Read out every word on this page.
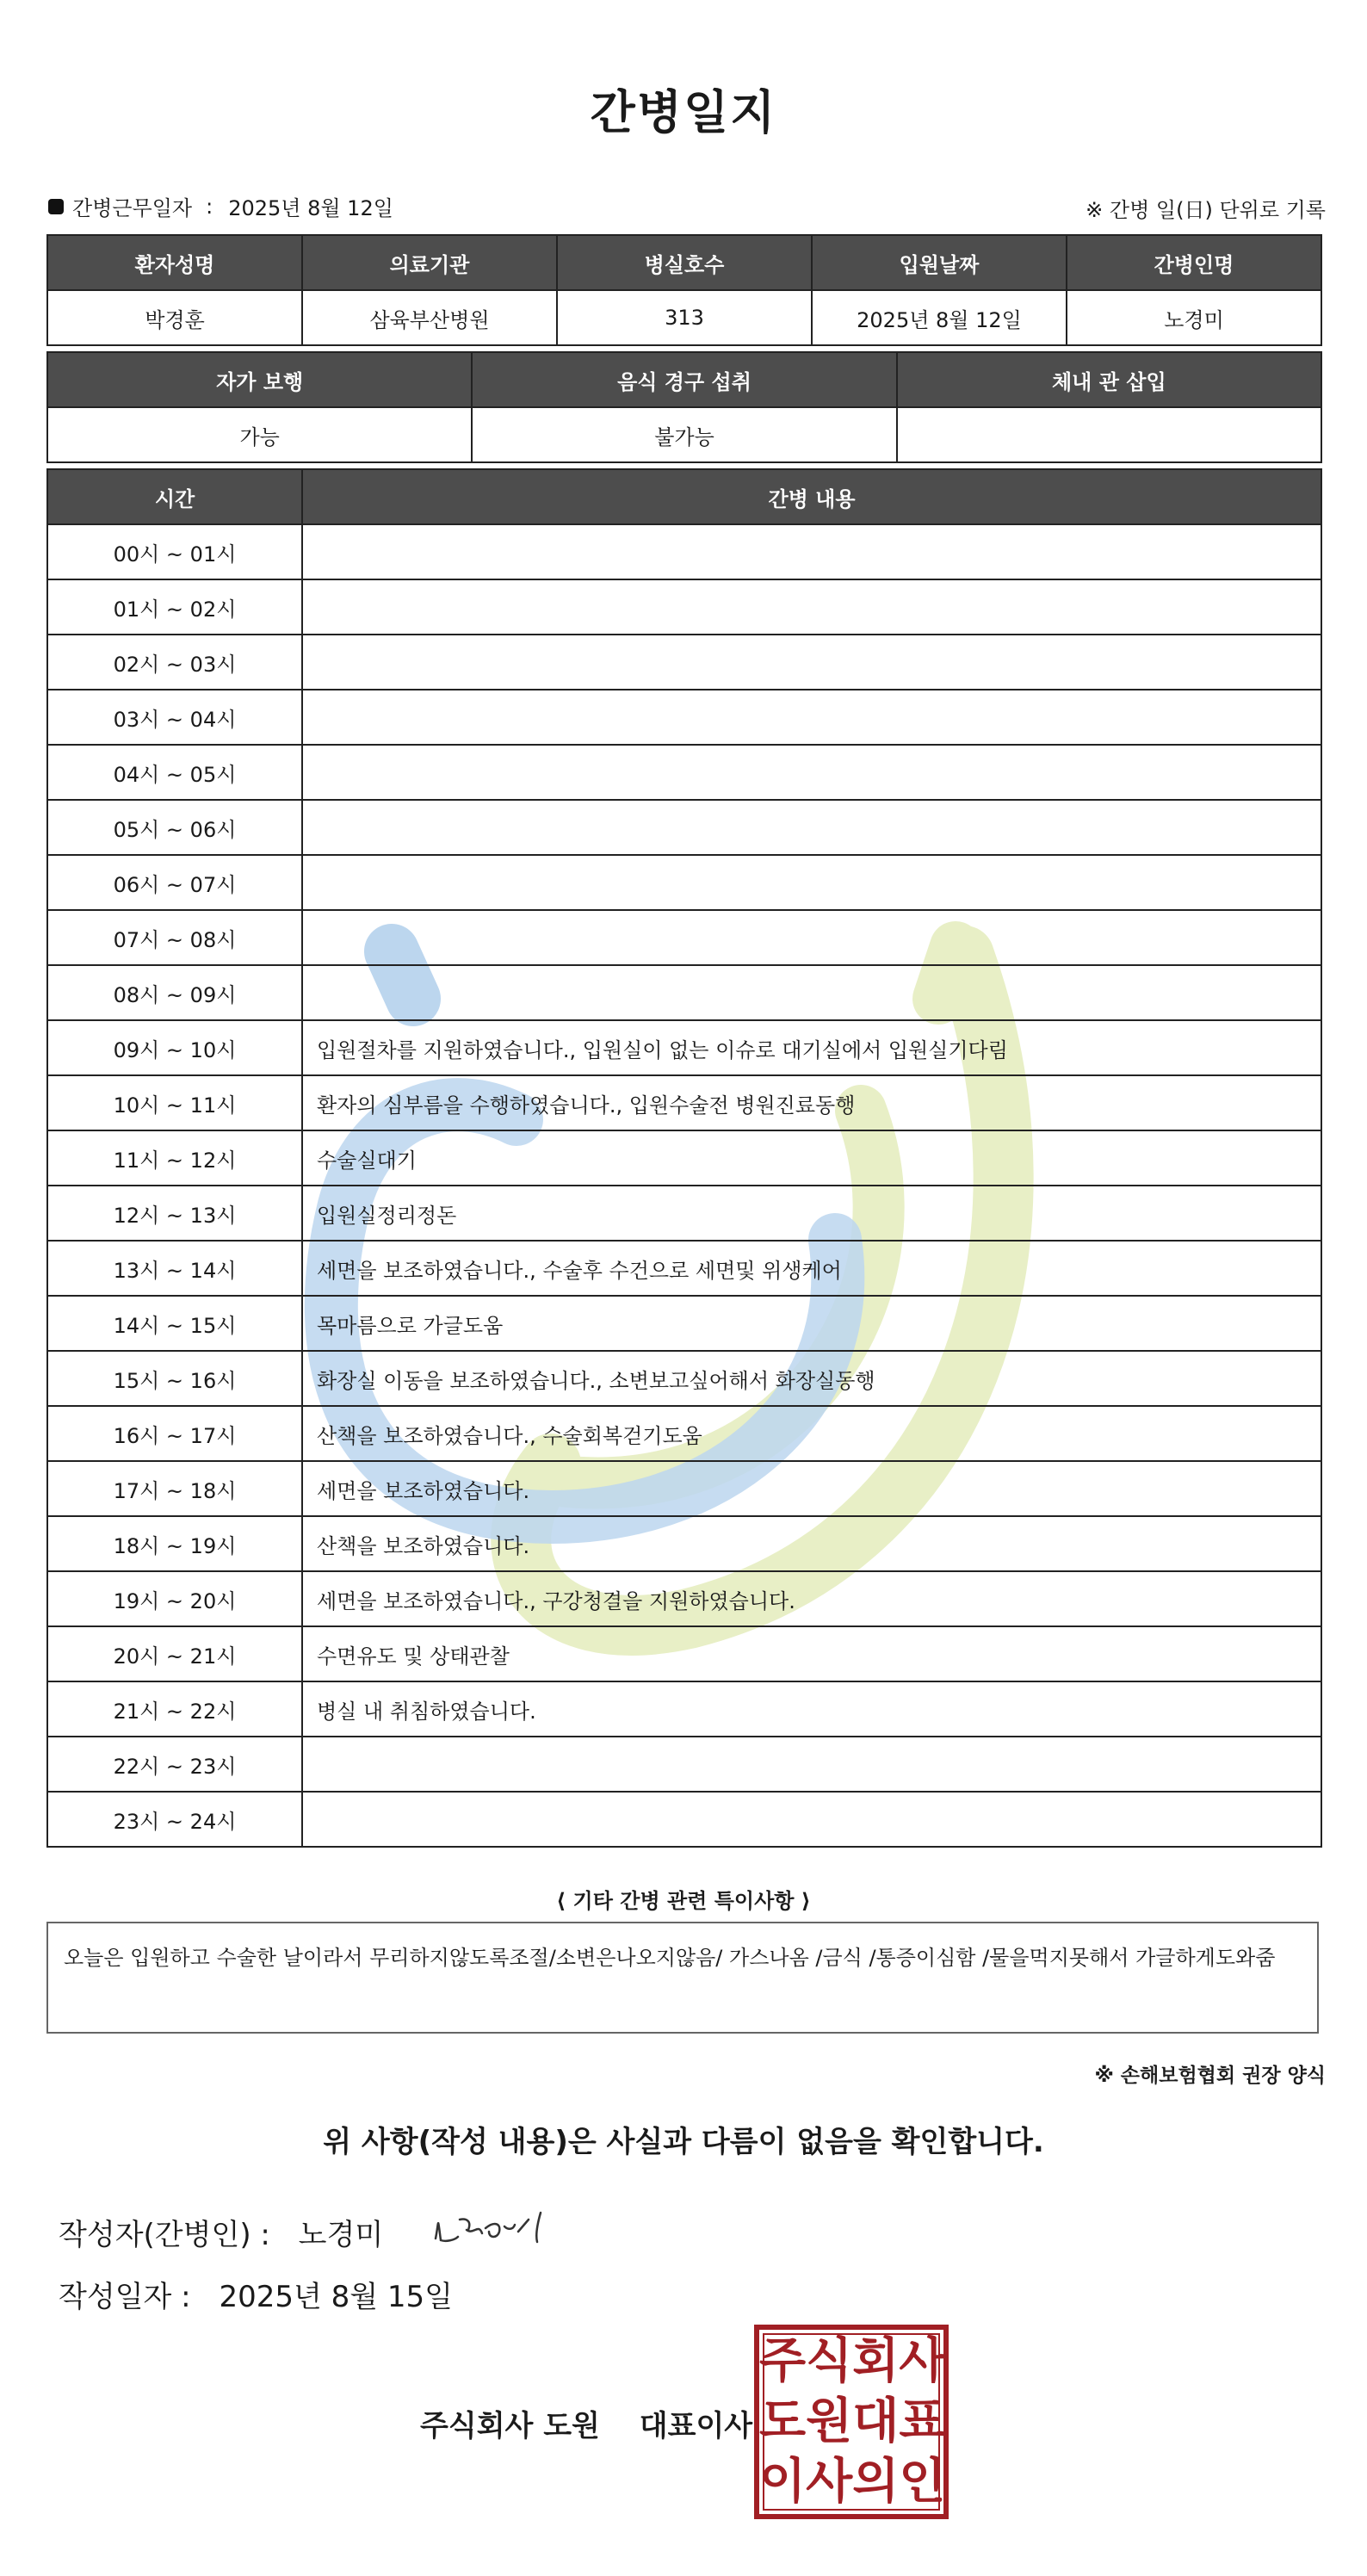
간병일지
간병근무일자 : 2025년 8월 12일	※ 간병 일(日) 단위로 기록
환자성명	의료기관	병실호수	입원날짜	간병인명
박경훈	삼육부산병원	313	2025년 8월 12일	노경미
자가 보행	음식 경구 섭취	체내 관 삽입
가능	불가능	
시간	간병 내용
00시 ~ 01시	
01시 ~ 02시	
02시 ~ 03시	
03시 ~ 04시	
04시 ~ 05시	
05시 ~ 06시	
06시 ~ 07시	
07시 ~ 08시	
08시 ~ 09시	
09시 ~ 10시	입원절차를 지원하였습니다., 입원실이 없는 이슈로 대기실에서 입원실기다림
10시 ~ 11시	환자의 심부름을 수행하였습니다., 입원수술전 병원진료동행
11시 ~ 12시	수술실대기
12시 ~ 13시	입원실정리정돈
13시 ~ 14시	세면을 보조하였습니다., 수술후 수건으로 세면및 위생케어
14시 ~ 15시	목마름으로 가글도움
15시 ~ 16시	화장실 이동을 보조하였습니다., 소변보고싶어해서 화장실동행
16시 ~ 17시	산책을 보조하였습니다., 수술회복걷기도움
17시 ~ 18시	세면을 보조하였습니다.
18시 ~ 19시	산책을 보조하였습니다.
19시 ~ 20시	세면을 보조하였습니다., 구강청결을 지원하였습니다.
20시 ~ 21시	수면유도 및 상태관찰
21시 ~ 22시	병실 내 취침하였습니다.
22시 ~ 23시	
23시 ~ 24시	
⟨ 기타 간병 관련 특이사항 ⟩
오늘은 입원하고 수술한 날이라서 무리하지않도록조절/소변은나오지않음/ 가스나옴 /금식 /통증이심함 /물을먹지못해서 가글하게도와줌
※ 손해보험협회 권장 양식
위 사항(작성 내용)은 사실과 다름이 없음을 확인합니다.
작성자(간병인) : 노경미
작성일자 : 2025년 8월 15일
주식회사 도원 대표이사
주 식 회 사
도 원 대 표
이 사 의 인
